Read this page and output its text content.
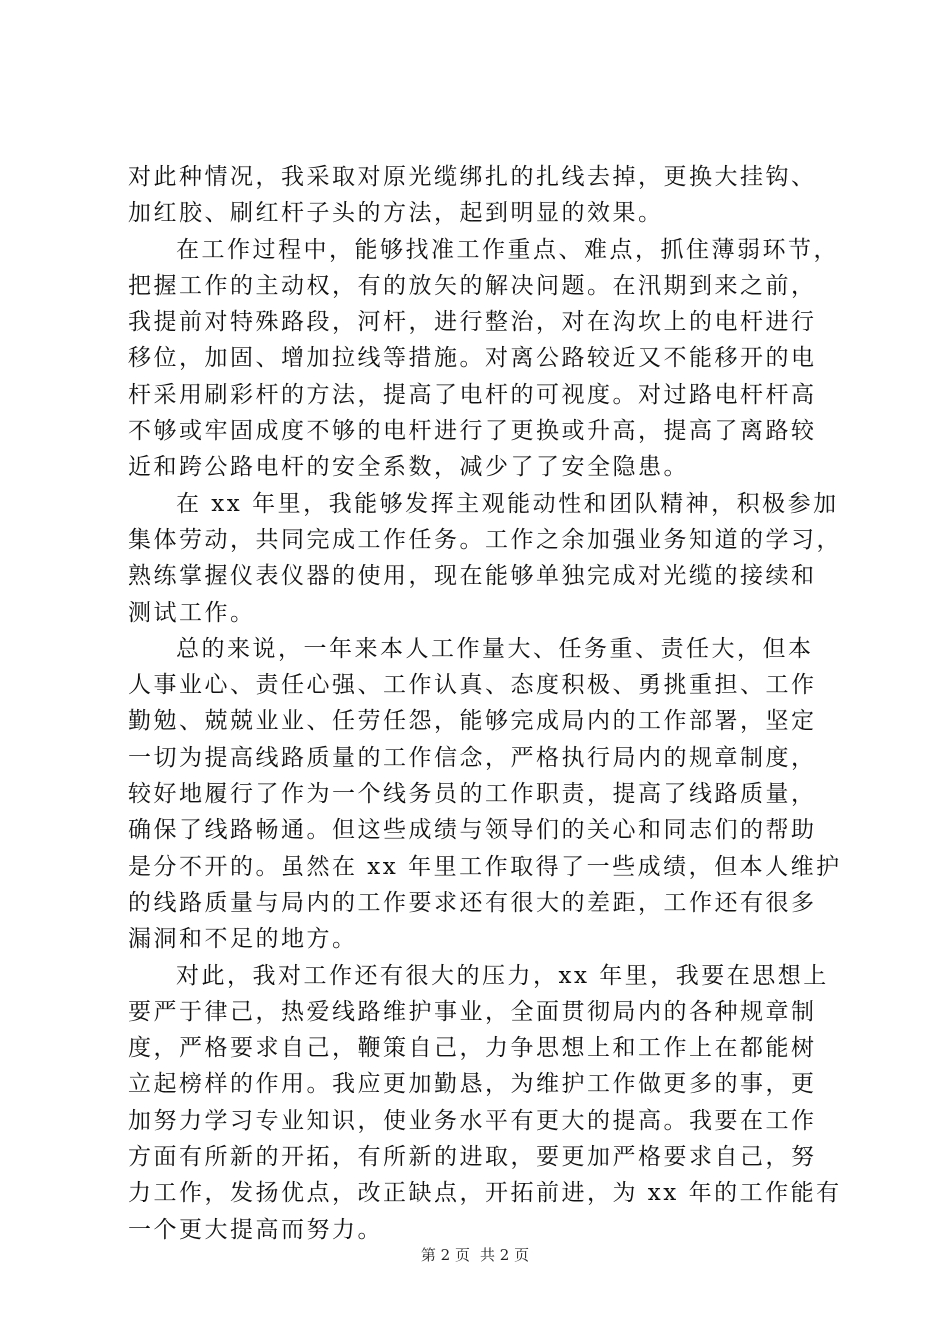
对此种情况，我采取对原光缆绑扎的扎线去掉，更换大挂钩、
加红胶、刷红杆子头的方法，起到明显的效果。
在工作过程中，能够找准工作重点、难点，抓住薄弱环节，
把握工作的主动权，有的放矢的解决问题。在汛期到来之前，
我提前对特殊路段，河杆，进行整治，对在沟坎上的电杆进行
移位，加固、增加拉线等措施。对离公路较近又不能移开的电
杆采用刷彩杆的方法，提高了电杆的可视度。对过路电杆杆高
不够或牢固成度不够的电杆进行了更换或升高，提高了离路较
近和跨公路电杆的安全系数，减少了了安全隐患。
在 xx 年里，我能够发挥主观能动性和团队精神，积极参加
集体劳动，共同完成工作任务。工作之余加强业务知道的学习，
熟练掌握仪表仪器的使用，现在能够单独完成对光缆的接续和
测试工作。
总的来说，一年来本人工作量大、任务重、责任大，但本
人事业心、责任心强、工作认真、态度积极、勇挑重担、工作
勤勉、兢兢业业、任劳任怨，能够完成局内的工作部署，坚定
一切为提高线路质量的工作信念，严格执行局内的规章制度，
较好地履行了作为一个线务员的工作职责，提高了线路质量，
确保了线路畅通。但这些成绩与领导们的关心和同志们的帮助
是分不开的。虽然在 xx 年里工作取得了一些成绩，但本人维护
的线路质量与局内的工作要求还有很大的差距，工作还有很多
漏洞和不足的地方。
对此，我对工作还有很大的压力，xx 年里，我要在思想上
要严于律己，热爱线路维护事业，全面贯彻局内的各种规章制
度，严格要求自己，鞭策自己，力争思想上和工作上在都能树
立起榜样的作用。我应更加勤恳，为维护工作做更多的事，更
加努力学习专业知识，使业务水平有更大的提高。我要在工作
方面有所新的开拓，有所新的进取，要更加严格要求自己，努
力工作，发扬优点，改正缺点，开拓前进，为 xx 年的工作能有
一个更大提高而努力。
第 2 页 共 2 页
